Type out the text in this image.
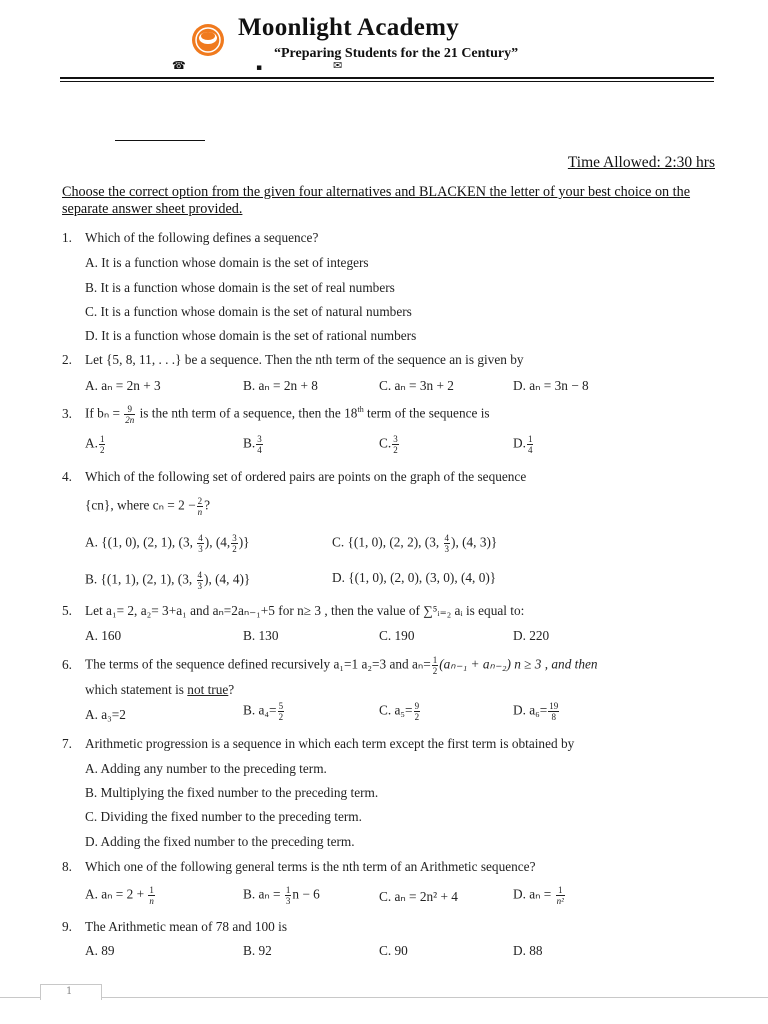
Moonlight Academy
“Preparing Students for the 21 Century”
☎	▪	✉
Time Allowed: 2:30 hrs
Choose the correct option from the given four alternatives and BLACKEN the letter of your best choice on the separate answer sheet provided.
1. Which of the following defines a sequence?
A. It is a function whose domain is the set of integers
B. It is a function whose domain is the set of real numbers
C. It is a function whose domain is the set of natural numbers
D. It is a function whose domain is the set of rational numbers
2. Let {5, 8, 11, . . .} be a sequence. Then the nth term of the sequence an is given by
A. aₙ = 2n + 3	B. aₙ = 2n + 8	C. aₙ = 3n + 2	D. aₙ = 3n − 8
3. If $b_n = \frac{9}{2n}$ is the nth term of a sequence, then the 18th term of the sequence is
A. $\frac{1}{2}$	B. $\frac{3}{4}$	C. $\frac{3}{2}$	D. $\frac{1}{4}$
4. Which of the following set of ordered pairs are points on the graph of the sequence
{cn}, where $c_n = 2 - \frac{2}{n}$ ?
A. {(1, 0), (2, 1), (3, $\frac{4}{3}$ ), (4, $\frac{3}{2}$ )}	C. {(1, 0), (2, 2), (3, $\frac{4}{3}$ ), (4, 3)}
B. {(1, 1), (2, 1), (3, $\frac{4}{3}$ ), (4, 4)}	D. {(1, 0), (2, 0), (3, 0), (4, 0)}
5. Let a₁= 2, a₂= 3+a₁ and aₙ=2aₙ₋₁+5 for n≥ 3 , then the value of ∑⁵ᵢ₌₂ aᵢ is equal to:
A. 160	B. 130	C. 190	D. 220
6. The terms of the sequence defined recursively a₁=1 a₂=3 and $a_n= \frac{1}{2} (a_{n-1} + a_{n-2}) n \ge 3$ , and then
which statement is not true?
A. a₃=2	B. $a_4= \frac{5}{2}$	C. $a_5= \frac{9}{2}$	D. $a_6= \frac{19}{8}$
7. Arithmetic progression is a sequence in which each term except the first term is obtained by
A. Adding any number to the preceding term.
B. Multiplying the fixed number to the preceding term.
C. Dividing the fixed number to the preceding term.
D. Adding the fixed number to the preceding term.
8. Which one of the following general terms is the nth term of an Arithmetic sequence?
A. $a_n = 2 + \frac{1}{n}$	B. $a_n = \frac{1}{3}$ n − 6	C. aₙ = 2n² + 4	D. $a_n = \frac{1}{\text{n²}}$
9. The Arithmetic mean of 78 and 100 is
A. 89	B. 92	C. 90	D. 88
1
